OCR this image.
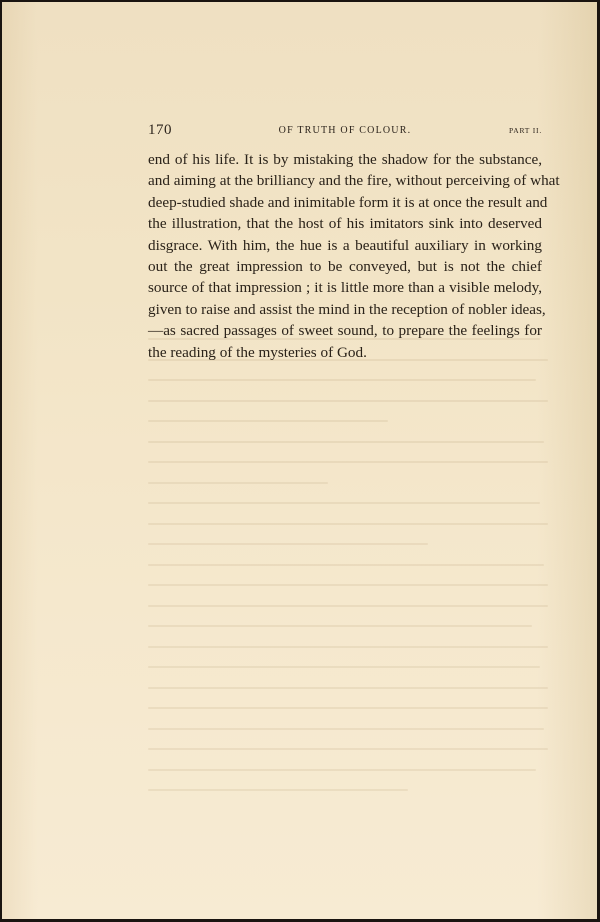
170	OF TRUTH OF COLOUR.	PART II.
end of his life. It is by mistaking the shadow for the substance,
and aiming at the brilliancy and the fire, without perceiving of what
deep-studied shade and inimitable form it is at once the result and
the illustration, that the host of his imitators sink into deserved
disgrace. With him, the hue is a beautiful auxiliary in working
out the great impression to be conveyed, but is not the chief
source of that impression ; it is little more than a visible melody,
given to raise and assist the mind in the reception of nobler ideas,
—as sacred passages of sweet sound, to prepare the feelings for
the reading of the mysteries of God.
